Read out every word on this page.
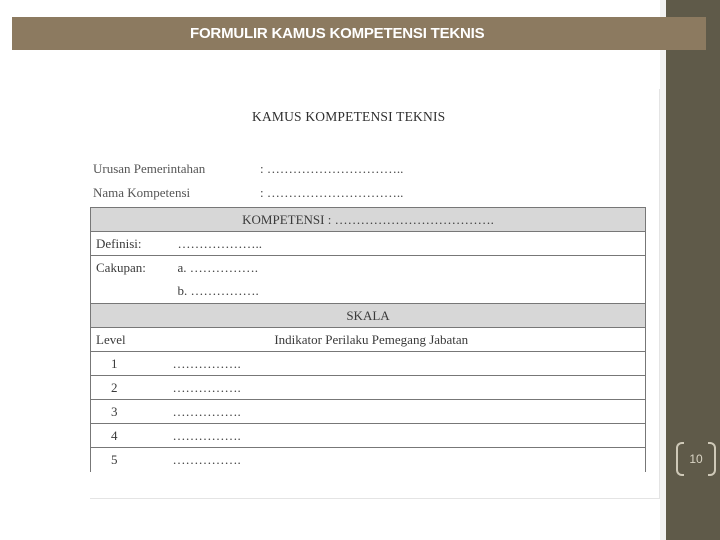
FORMULIR KAMUS KOMPETENSI TEKNIS
KAMUS KOMPETENSI TEKNIS
Urusan Pemerintahan	: …………………………..
Nama Kompetensi	: …………………………..
KOMPETENSI : ……………………………….	
Definisi:	………………..
Cakupan:	a. …………….
	b. …………….
SKALA	
Level	Indikator Perilaku Pemegang Jabatan
1	…………….
2	…………….
3	…………….
4	…………….
5	…………….	10
